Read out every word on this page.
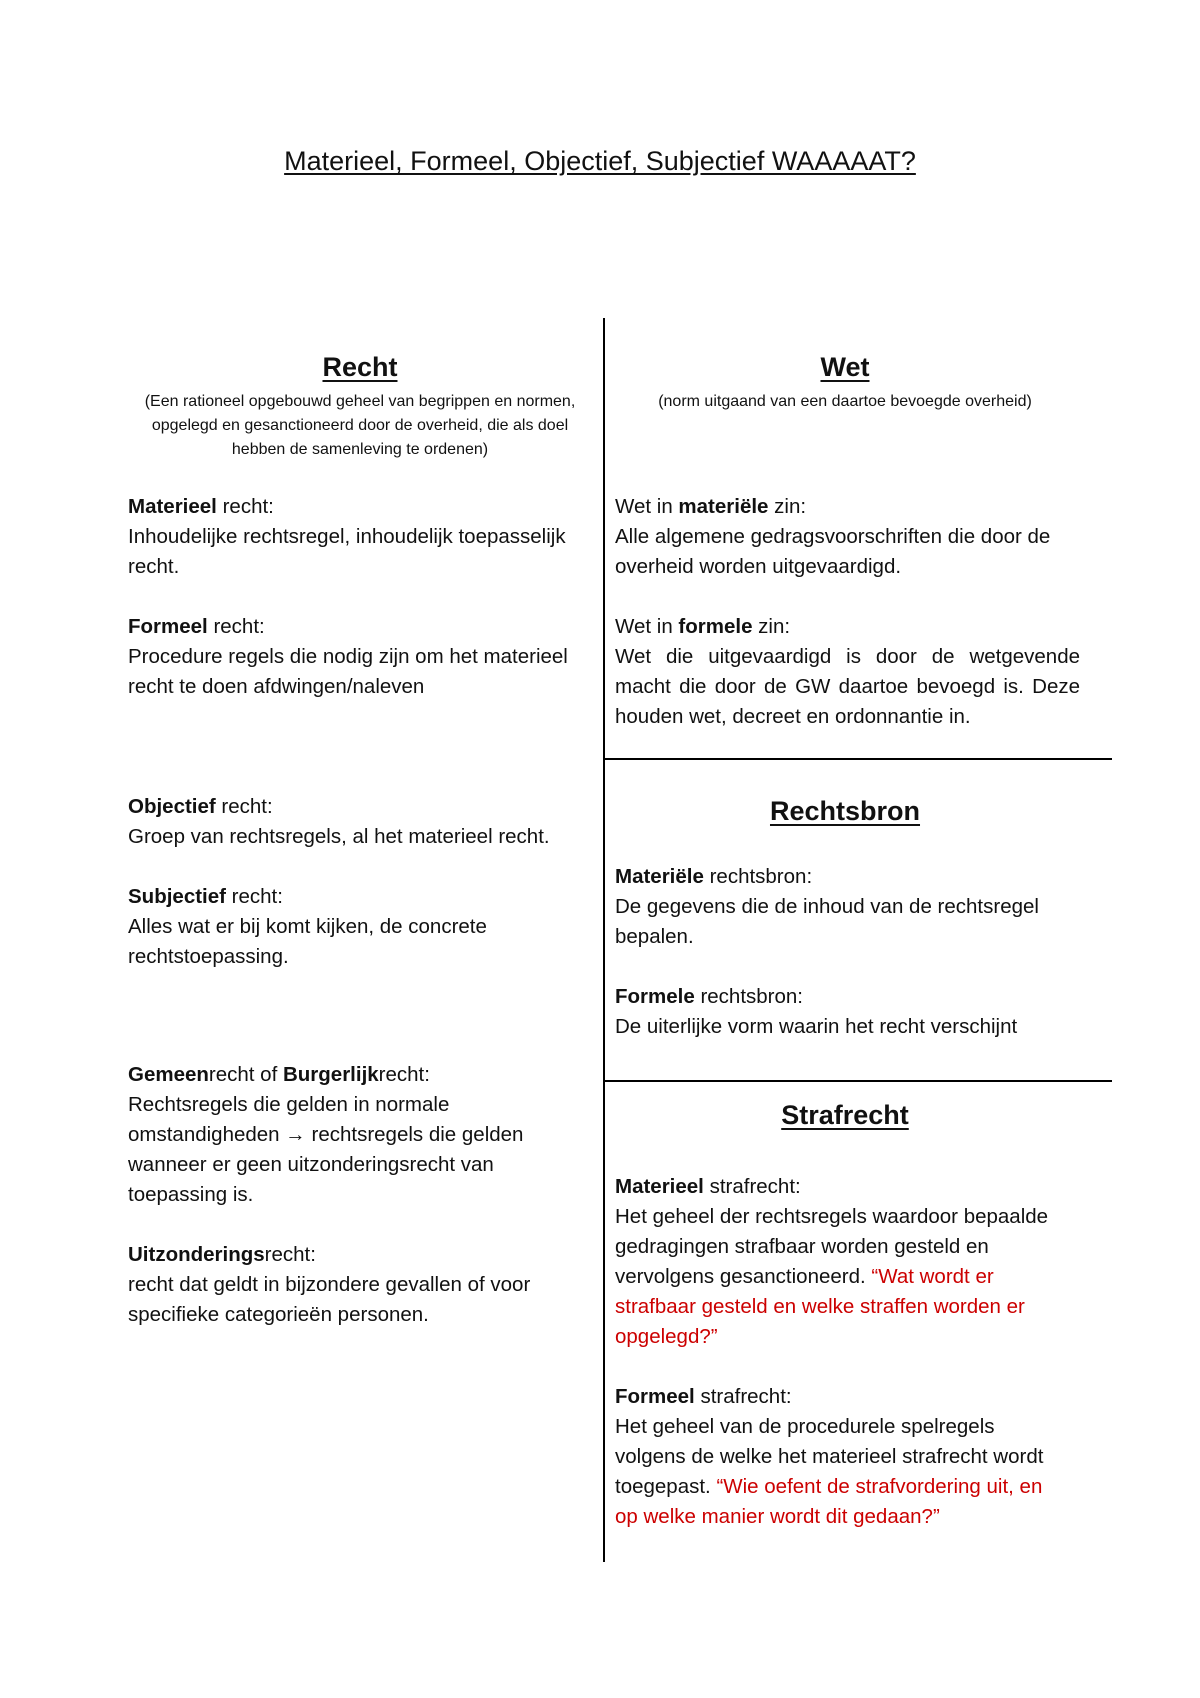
Materieel, Formeel, Objectief, Subjectief WAAAAAT?
Recht
(Een rationeel opgebouwd geheel van begrippen en normen, opgelegd en gesanctioneerd door de overheid, die als doel hebben de samenleving te ordenen)
Materieel recht:
Inhoudelijke rechtsregel, inhoudelijk toepasselijk recht.
Formeel recht:
Procedure regels die nodig zijn om het materieel recht te doen afdwingen/naleven
Objectief recht:
Groep van rechtsregels, al het materieel recht.
Subjectief recht:
Alles wat er bij komt kijken, de concrete rechtstoepassing.
Gemeenrecht of Burgerlijkrecht:
Rechtsregels die gelden in normale omstandigheden → rechtsregels die gelden wanneer er geen uitzonderingsrecht van toepassing is.
Uitzonderingsrecht:
recht dat geldt in bijzondere gevallen of voor specifieke categorieën personen.
Wet
(norm uitgaand van een daartoe bevoegde overheid)
Wet in materiële zin:
Alle algemene gedragsvoorschriften die door de overheid worden uitgevaardigd.
Wet in formele zin:
Wet die uitgevaardigd is door de wetgevende macht die door de GW daartoe bevoegd is. Deze houden wet, decreet en ordonnantie in.
Rechtsbron
Materiële rechtsbron:
De gegevens die de inhoud van de rechtsregel bepalen.
Formele rechtsbron:
De uiterlijke vorm waarin het recht verschijnt
Strafrecht
Materieel strafrecht:
Het geheel der rechtsregels waardoor bepaalde gedragingen strafbaar worden gesteld en vervolgens gesanctioneerd. “Wat wordt er strafbaar gesteld en welke straffen worden er opgelegd?”
Formeel strafrecht:
Het geheel van de procedurele spelregels volgens de welke het materieel strafrecht wordt toegepast. “Wie oefent de strafvordering uit, en op welke manier wordt dit gedaan?”
